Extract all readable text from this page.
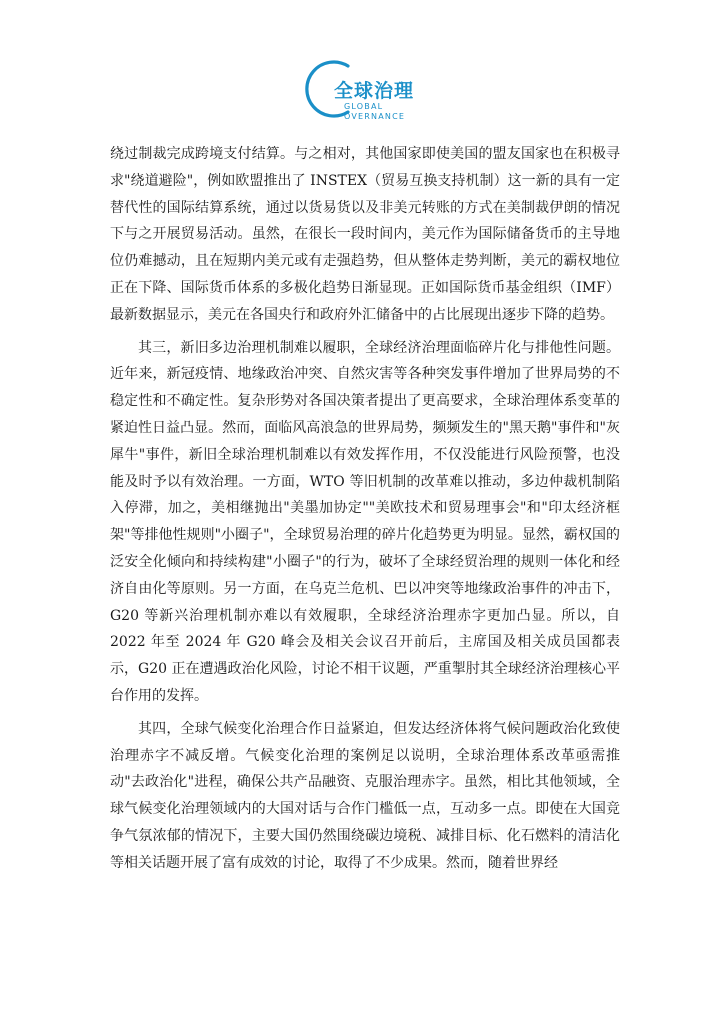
全球治理
GLOBAL
OVERNANCE

绕过制裁完成跨境支付结算。与之相对，其他国家即使美国的盟友国家也在积极寻求"绕道避险"，例如欧盟推出了 INSTEX（贸易互换支持机制）这一新的具有一定替代性的国际结算系统，通过以货易货以及非美元转账的方式在美制裁伊朗的情况下与之开展贸易活动。虽然，在很长一段时间内，美元作为国际储备货币的主导地位仍难撼动，且在短期内美元或有走强趋势，但从整体走势判断，美元的霸权地位正在下降、国际货币体系的多极化趋势日渐显现。正如国际货币基金组织（IMF）最新数据显示，美元在各国央行和政府外汇储备中的占比展现出逐步下降的趋势。

其三，新旧多边治理机制难以履职，全球经济治理面临碎片化与排他性问题。近年来，新冠疫情、地缘政治冲突、自然灾害等各种突发事件增加了世界局势的不稳定性和不确定性。复杂形势对各国决策者提出了更高要求，全球治理体系变革的紧迫性日益凸显。然而，面临风高浪急的世界局势，频频发生的"黑天鹅"事件和"灰犀牛"事件，新旧全球治理机制难以有效发挥作用，不仅没能进行风险预警，也没能及时予以有效治理。一方面，WTO 等旧机制的改革难以推动，多边仲裁机制陷入停滞，加之，美相继抛出"美墨加协定""美欧技术和贸易理事会"和"印太经济框架"等排他性规则"小圈子"，全球贸易治理的碎片化趋势更为明显。显然，霸权国的泛安全化倾向和持续构建"小圈子"的行为，破坏了全球经贸治理的规则一体化和经济自由化等原则。另一方面，在乌克兰危机、巴以冲突等地缘政治事件的冲击下，G20 等新兴治理机制亦难以有效履职，全球经济治理赤字更加凸显。所以，自 2022 年至 2024 年 G20 峰会及相关会议召开前后，主席国及相关成员国都表示，G20 正在遭遇政治化风险，讨论不相干议题，严重掣肘其全球经济治理核心平台作用的发挥。

其四，全球气候变化治理合作日益紧迫，但发达经济体将气候问题政治化致使治理赤字不减反增。气候变化治理的案例足以说明，全球治理体系改革亟需推动"去政治化"进程，确保公共产品融资、克服治理赤字。虽然，相比其他领域，全球气候变化治理领域内的大国对话与合作门槛低一点，互动多一点。即使在大国竞争气氛浓郁的情况下，主要大国仍然围绕碳边境税、减排目标、化石燃料的清洁化等相关话题开展了富有成效的讨论，取得了不少成果。然而，随着世界经
